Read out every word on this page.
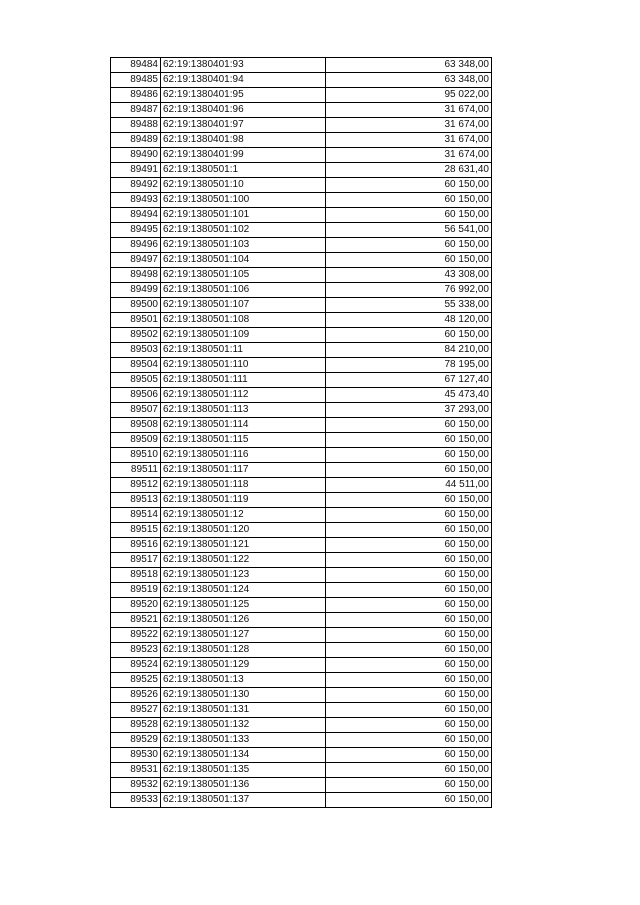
89484	62:19:1380401:93	63 348,00
89485	62:19:1380401:94	63 348,00
89486	62:19:1380401:95	95 022,00
89487	62:19:1380401:96	31 674,00
89488	62:19:1380401:97	31 674,00
89489	62:19:1380401:98	31 674,00
89490	62:19:1380401:99	31 674,00
89491	62:19:1380501:1	28 631,40
89492	62:19:1380501:10	60 150,00
89493	62:19:1380501:100	60 150,00
89494	62:19:1380501:101	60 150,00
89495	62:19:1380501:102	56 541,00
89496	62:19:1380501:103	60 150,00
89497	62:19:1380501:104	60 150,00
89498	62:19:1380501:105	43 308,00
89499	62:19:1380501:106	76 992,00
89500	62:19:1380501:107	55 338,00
89501	62:19:1380501:108	48 120,00
89502	62:19:1380501:109	60 150,00
89503	62:19:1380501:11	84 210,00
89504	62:19:1380501:110	78 195,00
89505	62:19:1380501:111	67 127,40
89506	62:19:1380501:112	45 473,40
89507	62:19:1380501:113	37 293,00
89508	62:19:1380501:114	60 150,00
89509	62:19:1380501:115	60 150,00
89510	62:19:1380501:116	60 150,00
89511	62:19:1380501:117	60 150,00
89512	62:19:1380501:118	44 511,00
89513	62:19:1380501:119	60 150,00
89514	62:19:1380501:12	60 150,00
89515	62:19:1380501:120	60 150,00
89516	62:19:1380501:121	60 150,00
89517	62:19:1380501:122	60 150,00
89518	62:19:1380501:123	60 150,00
89519	62:19:1380501:124	60 150,00
89520	62:19:1380501:125	60 150,00
89521	62:19:1380501:126	60 150,00
89522	62:19:1380501:127	60 150,00
89523	62:19:1380501:128	60 150,00
89524	62:19:1380501:129	60 150,00
89525	62:19:1380501:13	60 150,00
89526	62:19:1380501:130	60 150,00
89527	62:19:1380501:131	60 150,00
89528	62:19:1380501:132	60 150,00
89529	62:19:1380501:133	60 150,00
89530	62:19:1380501:134	60 150,00
89531	62:19:1380501:135	60 150,00
89532	62:19:1380501:136	60 150,00
89533	62:19:1380501:137	60 150,00
